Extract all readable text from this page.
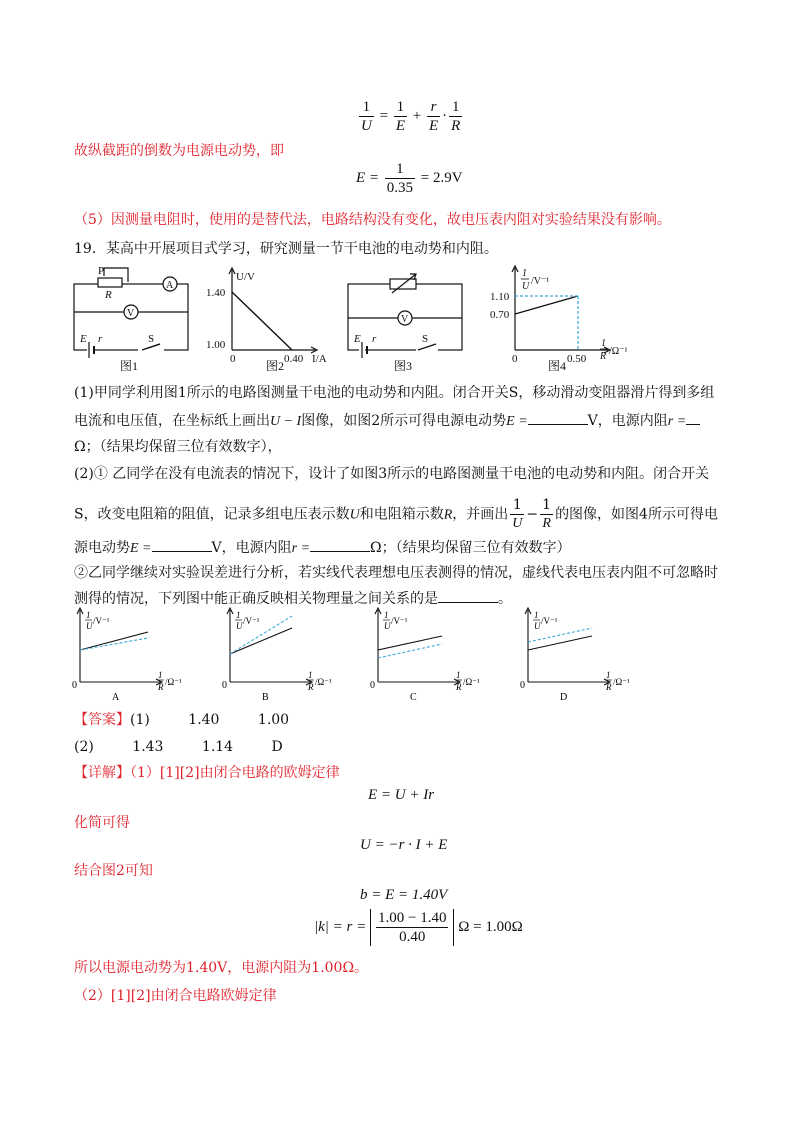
$\frac{1}{U} = \frac{1}{E} + \frac{r}{E} \cdot \frac{1}{R}$
故纵截距的倒数为电源电动势，即
$E = \frac{1}{0.35} = 2.9V$
（5）因测量电阻时，使用的是替代法，电路结构没有变化，故电压表内阻对实验结果没有影响。
19．某高中开展项目式学习，研究测量一节干电池的电动势和内阻。
P
R
A
V
E r	S
图1
U/V
1.40
1.00
0	0.40 I/A
图2
V
E r	S
图3
1
U /V⁻¹
1.10
0.70
0	0.50
1
R /Ω⁻¹
图4
(1)甲同学利用图1所示的电路图测量干电池的电动势和内阻。闭合开关S，移动滑动变阻器滑片得到多组
电流和电压值，在坐标纸上画出U − I图像，如图2所示可得电源电动势E =	V，电源内阻r =
Ω；（结果均保留三位有效数字），
(2)① 乙同学在没有电流表的情况下，设计了如图3所示的电路图测量干电池的电动势和内阻。闭合开关
S，改变电阻箱的阻值，记录多组电压表示数U和电阻箱示数R，并画出 $\frac{1}{U} - \frac{1}{R}$ 的图像，如图4所示可得电
源电动势E =	V，电源内阻r =	Ω；（结果均保留三位有效数字）
②乙同学继续对实验误差进行分析，若实线代表理想电压表测得的情况，虚线代表电压表内阻不可忽略时
测得的情况，下列图中能正确反映相关物理量之间关系的是	。
1
U /V⁻¹
0
1
R /Ω⁻¹
A
1
U /V⁻¹
0
1
R /Ω⁻¹
B
1
U /V⁻¹
0
1
R /Ω⁻¹
C
1
U /V⁻¹
0
1
R /Ω⁻¹
D
【答案】(1)	1.40	1.00
(2)	1.43	1.14	D
【详解】（1）[1][2]由闭合电路的欧姆定律
E = U + Ir
化简可得
U = −r · I + E
结合图2可知
b = E = 1.40V
$|k| = r = \frac{1.00 - 1.40}{0.40}$ Ω = 1.00Ω
所以电源电动势为1.40V，电源内阻为1.00Ω。
（2）[1][2]由闭合电路欧姆定律
